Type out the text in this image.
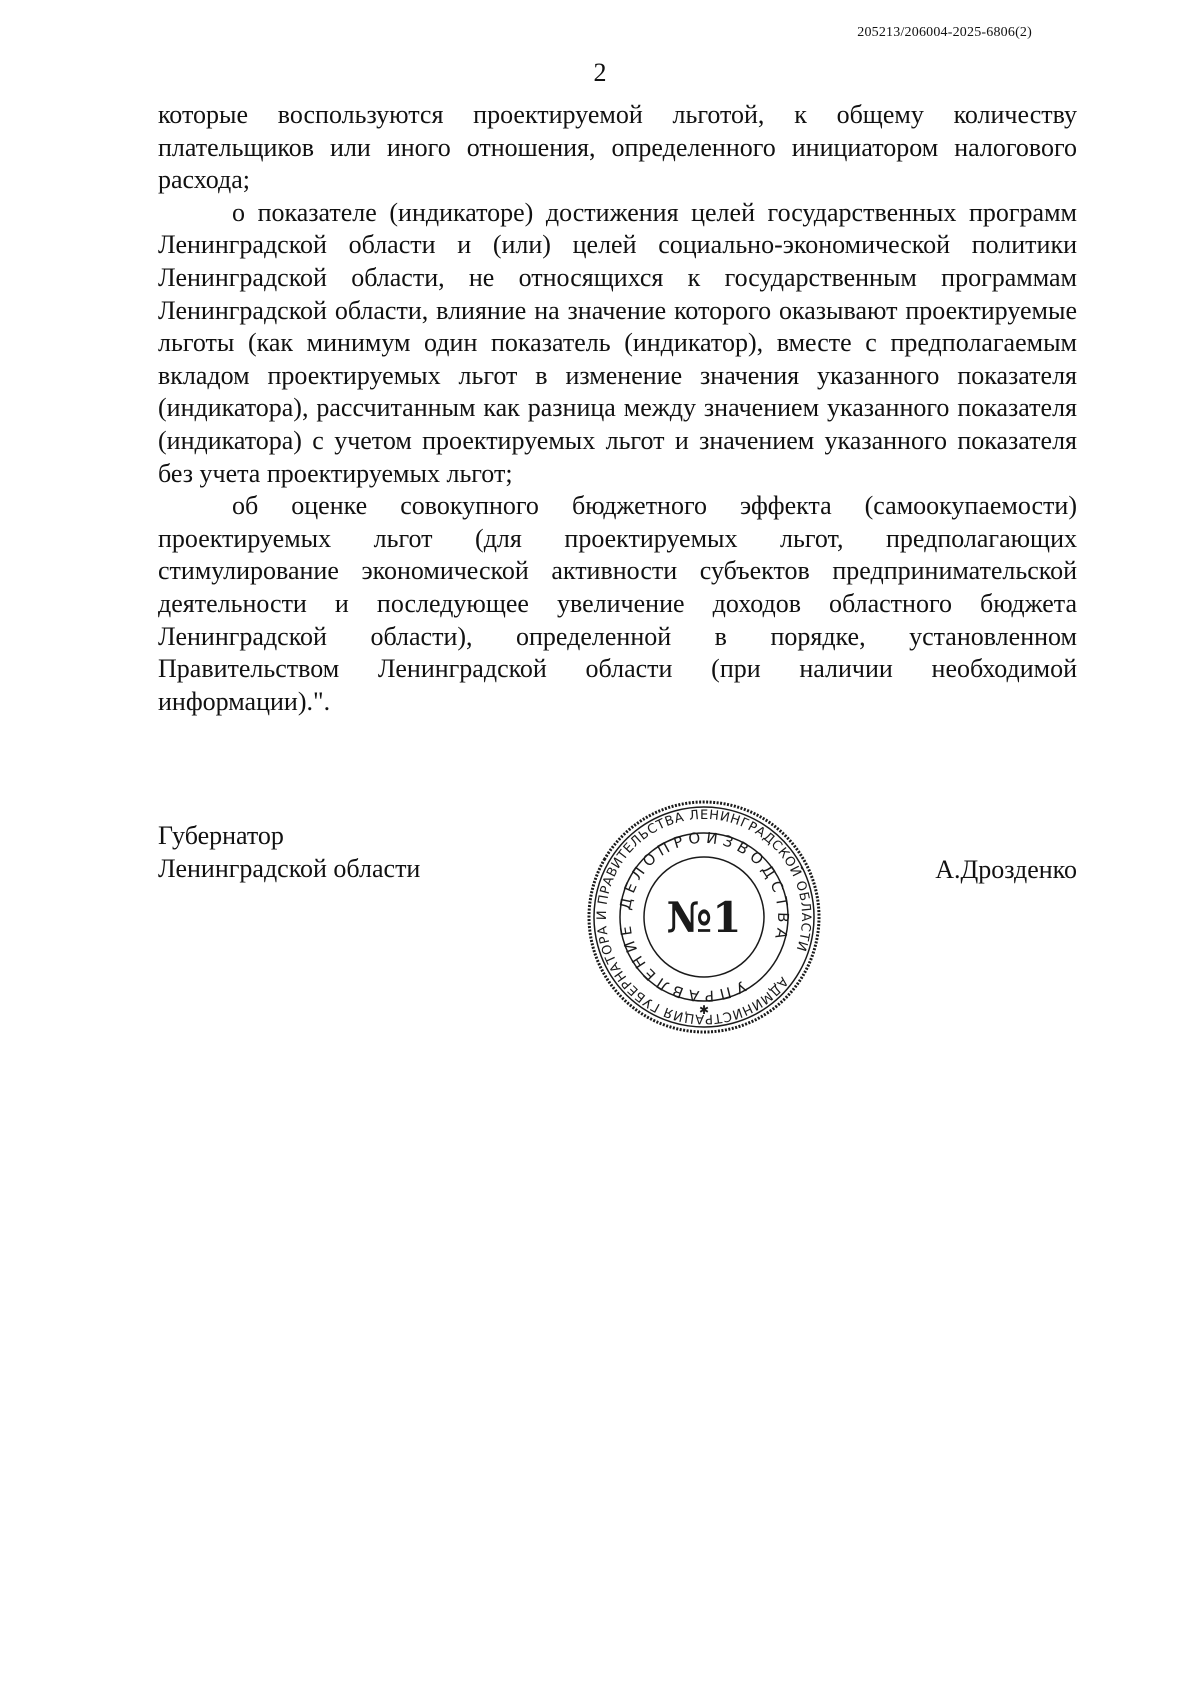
205213/206004-2025-6806(2)
2

которые воспользуются проектируемой льготой, к общему количеству плательщиков или иного отношения, определенного инициатором налогового расхода;

о показателе (индикаторе) достижения целей государственных программ Ленинградской области и (или) целей социально-экономической политики Ленинградской области, не относящихся к государственным программам Ленинградской области, влияние на значение которого оказывают проектируемые льготы (как минимум один показатель (индикатор), вместе с предполагаемым вкладом проектируемых льгот в изменение значения указанного показателя (индикатора), рассчитанным как разница между значением указанного показателя (индикатора) с учетом проектируемых льгот и значением указанного показателя без учета проектируемых льгот;

об оценке совокупного бюджетного эффекта (самоокупаемости) проектируемых льгот (для проектируемых льгот, предполагающих стимулирование экономической активности субъектов предпринимательской деятельности и последующее увеличение доходов областного бюджета Ленинградской области), определенной в порядке, установленном Правительством Ленинградской области (при наличии необходимой информации).".

Губернатор
Ленинградской области	А.Дрозденко
АДМИНИСТРАЦИЯ ГУБЕРНАТОРА И ПРАВИТЕЛЬСТВА ЛЕНИНГРАДСКОЙ ОБЛАСТИ
УПРАВЛЕНИЕ ДЕЛОПРОИЗВОДСТВА
✱
№1
